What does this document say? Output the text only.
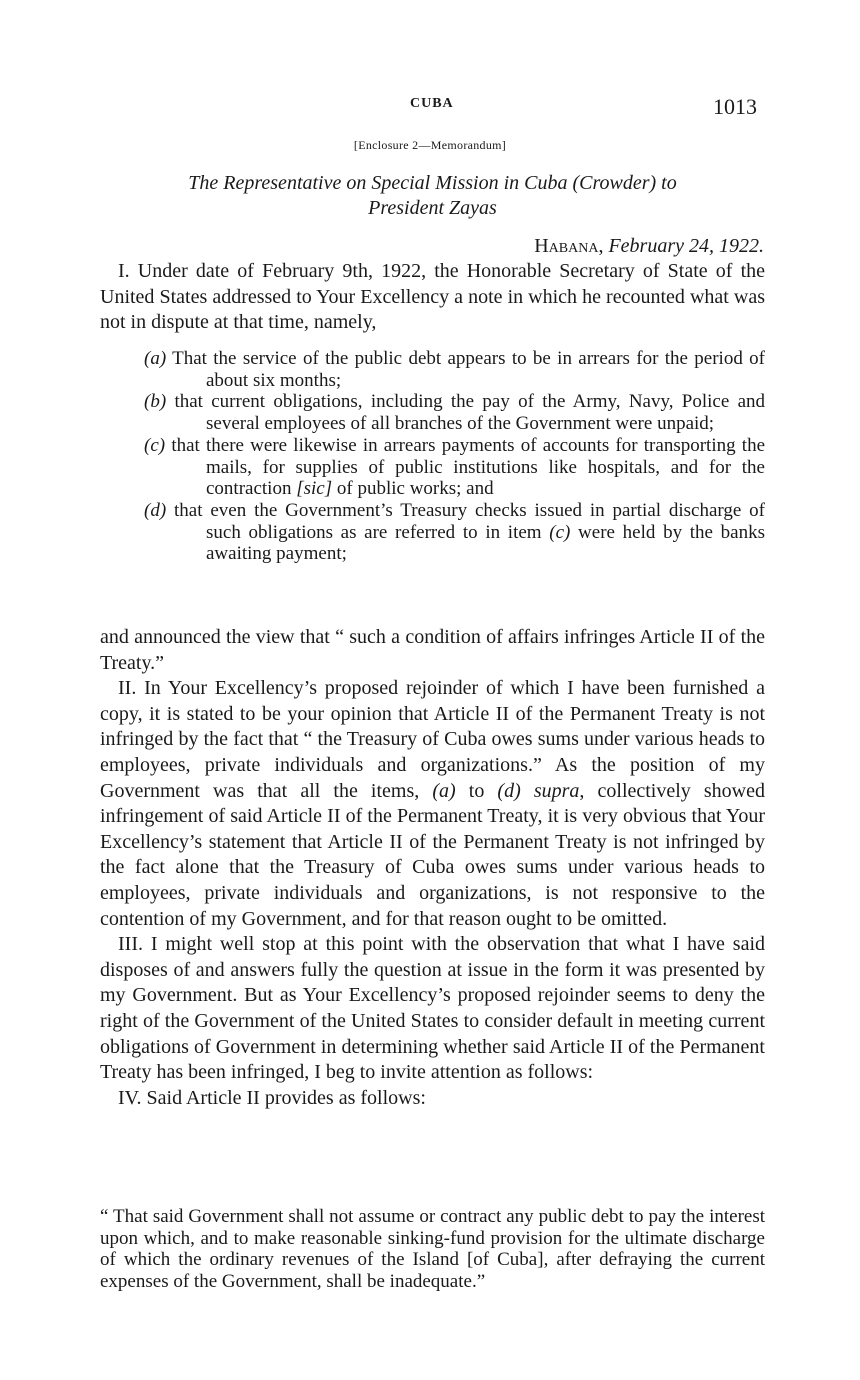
CUBA	1013
[Enclosure 2—Memorandum]
The Representative on Special Mission in Cuba (Crowder) to
President Zayas
Habana, February 24, 1922.

I. Under date of February 9th, 1922, the Honorable Secretary of State of the United States addressed to Your Excellency a note in which he recounted what was not in dispute at that time, namely,

(a) That the service of the public debt appears to be in arrears for the period of about six months;

(b) that current obligations, including the pay of the Army, Navy, Police and several employees of all branches of the Government were unpaid;

(c) that there were likewise in arrears payments of accounts for transporting the mails, for supplies of public institutions like hospitals, and for the contraction [sic] of public works; and

(d) that even the Government’s Treasury checks issued in partial discharge of such obligations as are referred to in item (c) were held by the banks awaiting payment;

and announced the view that “ such a condition of affairs infringes Article II of the Treaty.”

II. In Your Excellency’s proposed rejoinder of which I have been furnished a copy, it is stated to be your opinion that Article II of the Permanent Treaty is not infringed by the fact that “ the Treasury of Cuba owes sums under various heads to employees, private individuals and organizations.” As the position of my Government was that all the items, (a) to (d) supra, collectively showed infringement of said Article II of the Permanent Treaty, it is very obvious that Your Excellency’s statement that Article II of the Permanent Treaty is not infringed by the fact alone that the Treasury of Cuba owes sums under various heads to employees, private individuals and organizations, is not responsive to the contention of my Government, and for that reason ought to be omitted.

III. I might well stop at this point with the observation that what I have said disposes of and answers fully the question at issue in the form it was presented by my Government. But as Your Excellency’s proposed rejoinder seems to deny the right of the Government of the United States to consider default in meeting current obligations of Government in determining whether said Article II of the Permanent Treaty has been infringed, I beg to invite attention as follows:

IV. Said Article II provides as follows:

“ That said Government shall not assume or contract any public debt to pay the interest upon which, and to make reasonable sinking-fund provision for the ultimate discharge of which the ordinary revenues of the Island [of Cuba], after defraying the current expenses of the Government, shall be inadequate.”
